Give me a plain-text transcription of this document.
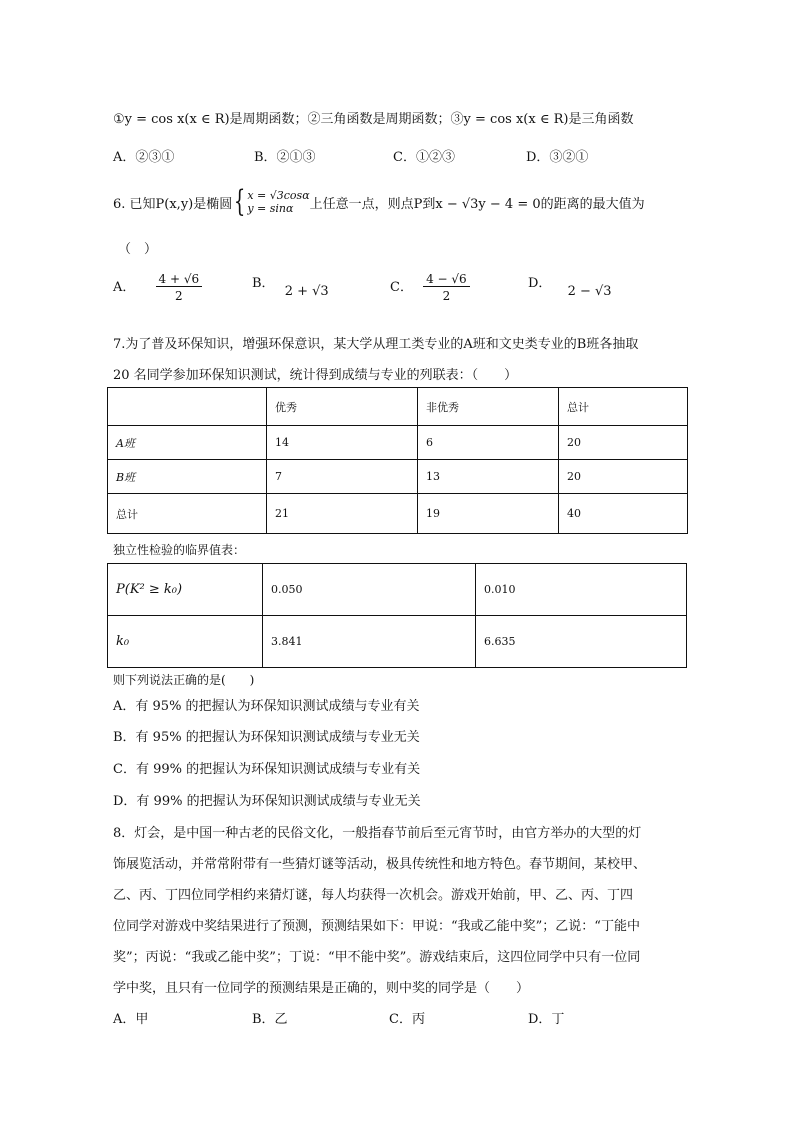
①y = cos x(x ∈ R)是周期函数；②三角函数是周期函数；③y = cos x(x ∈ R)是三角函数
A．②③①	B．②①③	C．①②③	D．③②①
6. 已知P(x,y)是椭圆 { x = √3cosα
y = sinα	上任意一点，则点P到x − √3y − 4 = 0的距离的最大值为
（　）
A． $\frac{4 + √6}{2}$	B． 2 + √3	C． $\frac{4 - √6}{2}$	D． 2 − √3
7.为了普及环保知识，增强环保意识，某大学从理工类专业的A班和文史类专业的B班各抽取
20 名同学参加环保知识测试，统计得到成绩与专业的列联表：（　　）
	优秀	非优秀	总计
A班	14	6	20
B班	7	13	20
总计	21	19	40
独立性检验的临界值表：
P(K² ≥ k₀)	0.050	0.010
k₀	3.841	6.635
则下列说法正确的是(　　)
A．有 95% 的把握认为环保知识测试成绩与专业有关
B．有 95% 的把握认为环保知识测试成绩与专业无关
C．有 99% 的把握认为环保知识测试成绩与专业有关
D．有 99% 的把握认为环保知识测试成绩与专业无关
8．灯会，是中国一种古老的民俗文化，一般指春节前后至元宵节时，由官方举办的大型的灯
饰展览活动，并常常附带有一些猜灯谜等活动，极具传统性和地方特色。春节期间，某校甲、
乙、丙、丁四位同学相约来猜灯谜，每人均获得一次机会。游戏开始前，甲、乙、丙、丁四
位同学对游戏中奖结果进行了预测，预测结果如下：甲说：“我或乙能中奖”；乙说：“丁能中
奖”；丙说：“我或乙能中奖”；丁说：“甲不能中奖”。游戏结束后，这四位同学中只有一位同
学中奖，且只有一位同学的预测结果是正确的，则中奖的同学是（　　）
A．甲	B．乙	C．丙	D．丁
